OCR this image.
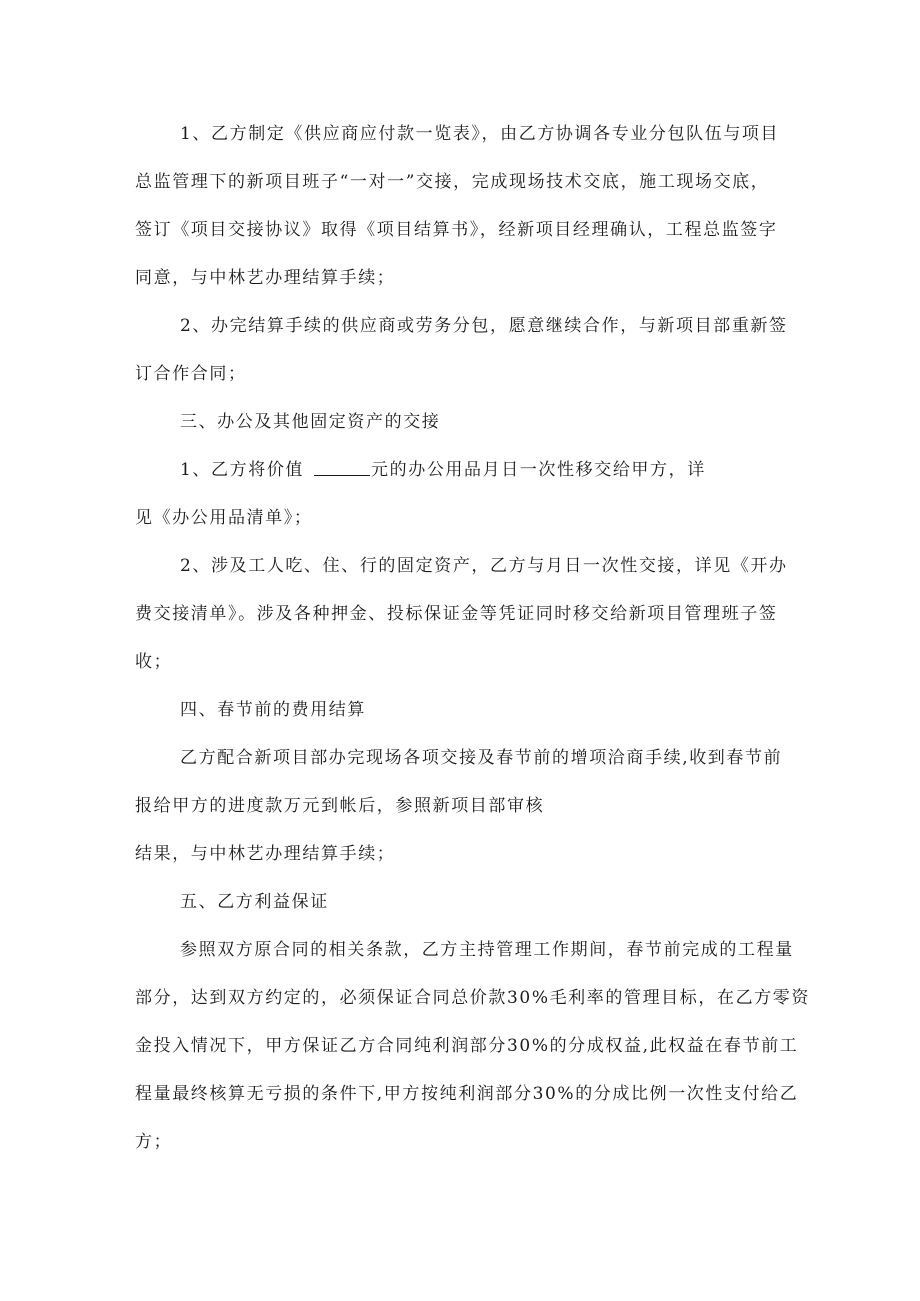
1、乙方制定《供应商应付款一览表》，由乙方协调各专业分包队伍与项目
总监管理下的新项目班子“一对一”交接，完成现场技术交底，施工现场交底，
签订《项目交接协议》取得《项目结算书》，经新项目经理确认，工程总监签字
同意，与中林艺办理结算手续；
2、办完结算手续的供应商或劳务分包，愿意继续合作，与新项目部重新签
订合作合同；
三、办公及其他固定资产的交接
1、乙方将价值	元的办公用品月日一次性移交给甲方，详
见《办公用品清单》；
2、涉及工人吃、住、行的固定资产，乙方与月日一次性交接，详见《开办
费交接清单》。涉及各种押金、投标保证金等凭证同时移交给新项目管理班子签
收；
四、春节前的费用结算
乙方配合新项目部办完现场各项交接及春节前的增项洽商手续,收到春节前
报给甲方的进度款万元到帐后，参照新项目部审核
结果，与中林艺办理结算手续；
五、乙方利益保证
参照双方原合同的相关条款，乙方主持管理工作期间，春节前完成的工程量
部分，达到双方约定的，必须保证合同总价款30%毛利率的管理目标，在乙方零资
金投入情况下，甲方保证乙方合同纯利润部分30%的分成权益,此权益在春节前工
程量最终核算无亏损的条件下,甲方按纯利润部分30%的分成比例一次性支付给乙
方；
